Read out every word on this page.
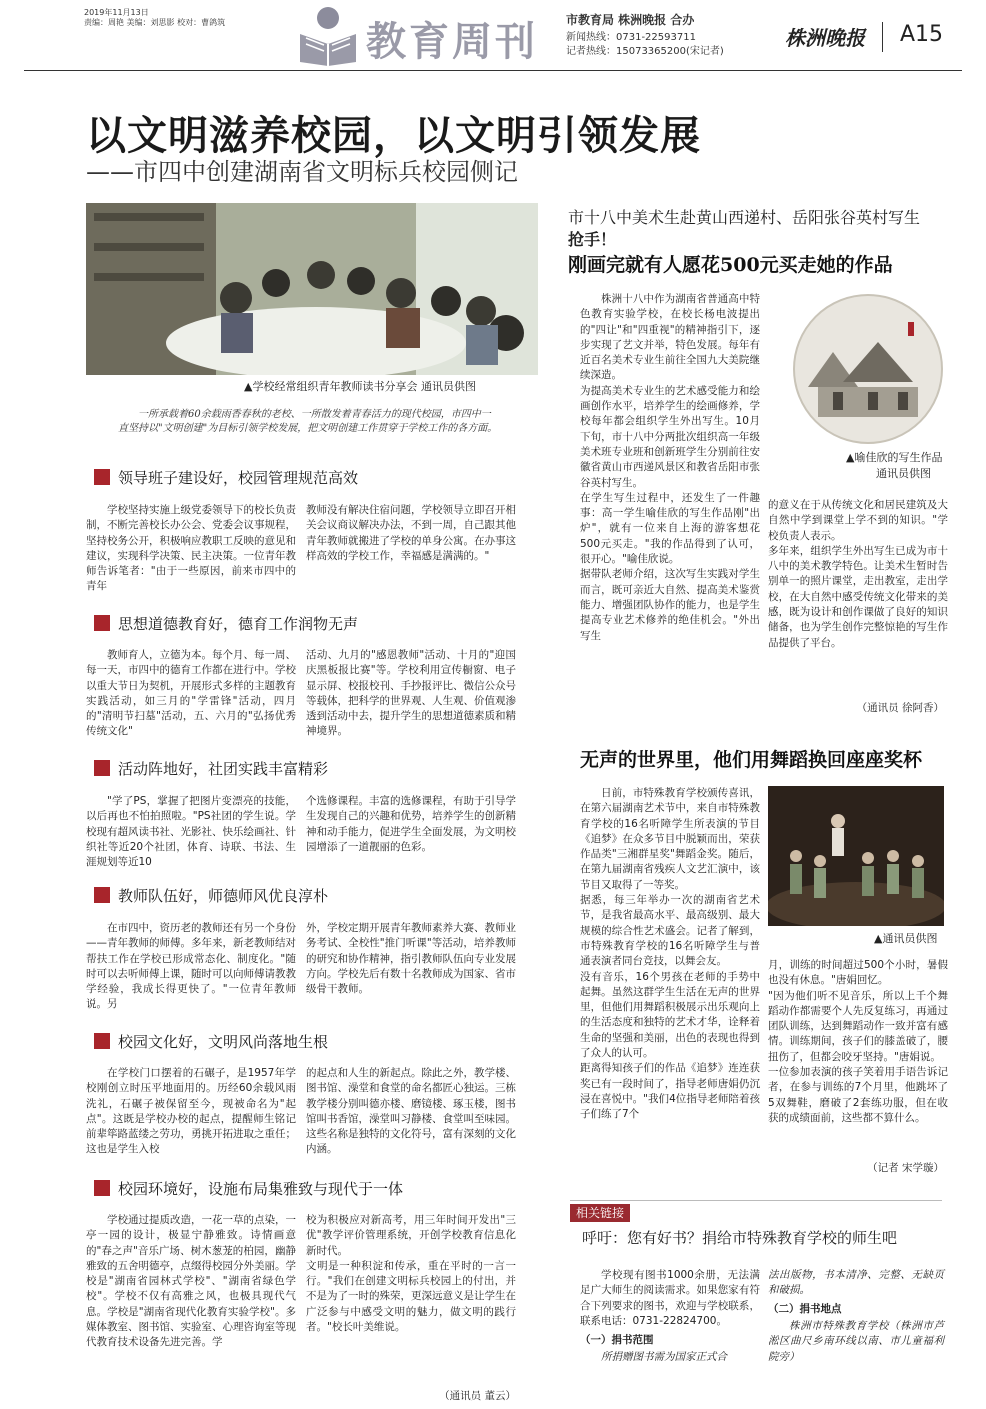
2019年11月13日
责编：周艳 美编：刘思影 校对：曹鸽筑	教育周刊 市教育局 株洲晚报 合办
新闻热线：0731-22593711
记者热线：15073365200(宋记者)
株洲晚报 A15
以文明滋养校园，以文明引领发展
——市四中创建湖南省文明标兵校园侧记
▲学校经常组织青年教师读书分享会 通讯员供图
一所承载着60余载雨香春秋的老校、一所散发着青春活力的现代校园，市四中一直坚持以"文明创建"为目标引领学校发展，把文明创建工作贯穿于学校工作的各方面。
领导班子建设好，校园管理规范高效

学校坚持实施上级党委领导下的校长负责制，不断完善校长办公会、党委会议事规程，坚持校务公开，积极响应教职工反映的意见和建议，实现科学决策、民主决策。一位青年教师告诉笔者："由于一些原因，前来市四中的青年

教师没有解决住宿问题，学校领导立即召开相关会议商议解决办法，不到一周，自己跟其他青年教师就搬进了学校的单身公寓。在办事这样高效的学校工作，幸福感是满满的。"

思想道德教育好，德育工作润物无声

教师育人，立德为本。每个月、每一周、每一天，市四中的德育工作都在进行中。学校以重大节日为契机，开展形式多样的主题教育实践活动，如三月的"学雷锋"活动，四月的"清明节扫墓"活动，五、六月的"弘扬优秀传统文化"

活动、九月的"感恩教师"活动、十月的"迎国庆黑板报比赛"等。学校利用宣传橱窗、电子显示屏、校报校刊、手抄报评比、微信公众号等载体，把科学的世界观、人生观、价值观渗透到活动中去，提升学生的思想道德素质和精神境界。

活动阵地好，社团实践丰富精彩

"学了PS，掌握了把图片变漂亮的技能，以后再也不怕拍照啦。"PS社团的学生说。学校现有超风读书社、光影社、快乐绘画社、针织社等近20个社团，体育、诗联、书法、生涯规划等近10

个选修课程。丰富的选修课程，有助于引导学生发现自己的兴趣和优势，培养学生的创新精神和动手能力，促进学生全面发展，为文明校园增添了一道靓丽的色彩。

教师队伍好，师德师风优良淳朴

在市四中，资历老的教师还有另一个身份——青年教师的师傅。多年来，新老教师结对帮扶工作在学校已形成常态化、制度化。"随时可以去听师傅上课，随时可以向师傅请教教学经验，我成长得更快了。"一位青年教师说。另

外，学校定期开展青年教师素养大赛、教师业务考试、全校性"推门听课"等活动，培养教师的研究和协作精神，指引教师队伍向专业发展方向。学校先后有数十名教师成为国家、省市级骨干教师。

校园文化好，文明风尚落地生根

在学校门口摆着的石碾子，是1957年学校刚创立时压平地面用的。历经60余载风雨洗礼，石碾子被保留至今，现被命名为"起点"。这既是学校办校的起点，提醒师生铭记前辈筚路蓝缕之劳功，勇挑开拓进取之重任；这也是学生入校

的起点和人生的新起点。除此之外，教学楼、图书馆、澡堂和食堂的命名都匠心独运。三栋教学楼分别叫德亦楼、磨镜楼、琢玉楼，图书馆叫书香馆，澡堂叫习静楼、食堂叫至味园。这些名称是独特的文化符号，富有深刻的文化内涵。

校园环境好，设施布局集雅致与现代于一体

学校通过提质改造，一花一草的点染，一亭一园的设计，极显宁静雅致。诗情画意的"春之声"音乐广场、树木葱茏的柏园，幽静雅致的五舍明德亭，点缀得校园分外美丽。学校是"湖南省园林式学校"、"湖南省绿色学校"。学校不仅有高雅之风，也极具现代气息。学校是"湖南省现代化教育实验学校"。多媒体教室、图书馆、实验室、心理咨询室等现代教育技术设备先进完善。学

校为积极应对新高考，用三年时间开发出"三优"教学评价管理系统，开创学校教育信息化新时代。
文明是一种积淀和传承，重在平时的一言一行。"我们在创建文明标兵校园上的付出，并不是为了一时的殊荣，更深远意义是让学生在广泛参与中感受文明的魅力，做文明的践行者。"校长叶美维说。

（通讯员 董云）
市十八中美术生赴黄山西递村、岳阳张谷英村写生
抢手！
刚画完就有人愿花500元买走她的作品
▲喻佳欣的写生作品
通讯员供图

株洲十八中作为湖南省普通高中特色教育实验学校，在校长杨电波提出的"四让"和"四重视"的精神指引下，逐步实现了艺文并举，特色发展。每年有近百名美术专业生前往全国九大美院继续深造。
为提高美术专业生的艺术感受能力和绘画创作水平，培养学生的绘画修养，学校每年都会组织学生外出写生。10月下旬，市十八中分两批次组织高一年级美术班专业班和创新班学生分别前往安徽省黄山市西递风景区和教省岳阳市张谷英村写生。
在学生写生过程中，还发生了一件趣事：高一学生喻佳欣的写生作品刚"出炉"，就有一位来自上海的游客想花500元买走。"我的作品得到了认可，很开心。"喻佳欣说。
据带队老师介绍，这次写生实践对学生而言，既可亲近大自然、提高美术鉴赏能力、增强团队协作的能力，也是学生提高专业艺术修养的绝佳机会。"外出写生

的意义在于从传统文化和居民建筑及大自然中学到课堂上学不到的知识。"学校负责人表示。
多年来，组织学生外出写生已成为市十八中的美术教学特色。让美术生暂时告别单一的照片课堂，走出教室，走出学校，在大自然中感受传统文化带来的美感，既为设计和创作课做了良好的知识储备，也为学生创作完整惊艳的写生作品提供了平台。

（通讯员 徐阿香）
无声的世界里，他们用舞蹈换回座座奖杯
▲通讯员供图

日前，市特殊教育学校颁传喜讯，在第六届湖南艺术节中，来自市特殊教育学校的16名听障学生所表演的节目《追梦》在众多节目中脱颖而出，荣获作品类"三湘群星奖"舞蹈金奖。随后，在第九届湖南省残疾人文艺汇演中，该节目又取得了一等奖。
据悉，每三年举办一次的湖南省艺术节，是我省最高水平、最高级别、最大规模的综合性艺术盛会。记者了解到，市特殊教育学校的16名听障学生与普通表演者同台竞技，以舞会友。
没有音乐，16个男孩在老师的手势中起舞。虽然这群学生生活在无声的世界里，但他们用舞蹈积极展示出乐观向上的生活态度和独特的艺术才华，诠释着生命的坚强和美丽，出色的表现也得到了众人的认可。
距离得知孩子们的作品《追梦》连连获奖已有一段时间了，指导老师唐娟仍沉浸在喜悦中。"我们4位指导老师陪着孩子们练了7个

月，训练的时间超过500个小时，暑假也没有休息。"唐娟回忆。
"因为他们听不见音乐，所以上千个舞蹈动作都需要个人先反复练习，再通过团队训练，达到舞蹈动作一致并富有感情。训练期间，孩子们的膝盖破了，腰扭伤了，但都会咬牙坚持。"唐娟说。
一位参加表演的孩子笑着用手语告诉记者，在参与训练的7个月里，他跳坏了5双舞鞋，磨破了2套练功服，但在收获的成绩面前，这些都不算什么。

（记者 宋学璇）
相关链接
呼吁：您有好书？捐给市特殊教育学校的师生吧

学校现有图书1000余册，无法满足广大师生的阅读需求。如果您家有符合下列要求的图书，欢迎与学校联系，联系电话：0731-22824700。

（一）捐书范围

所捐赠图书需为国家正式合

法出版物，书本清净、完整、无缺页和破损。

（二）捐书地点

株洲市特殊教育学校（株洲市芦淞区曲尺乡南环线以南、市儿童福利院旁）
